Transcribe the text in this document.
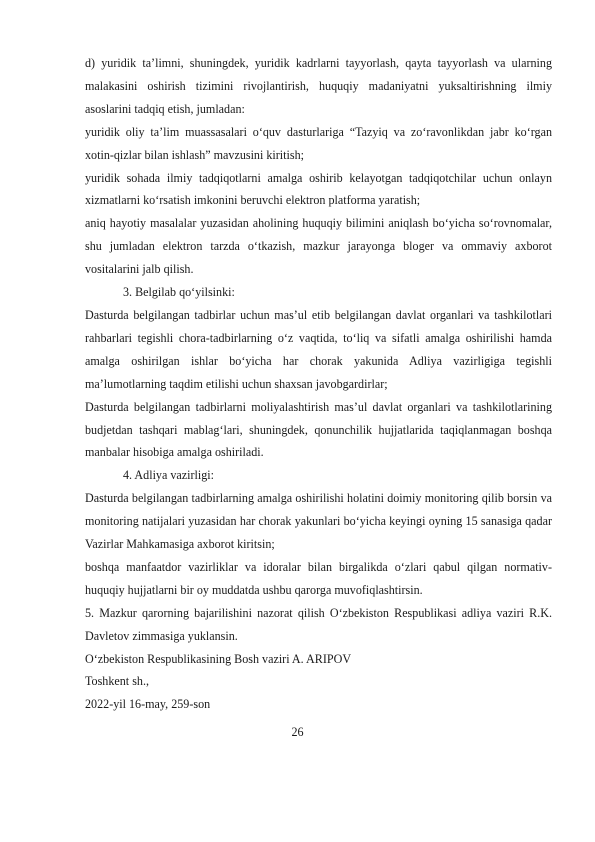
d) yuridik ta’limni, shuningdek, yuridik kadrlarni tayyorlash, qayta tayyorlash va ularning malakasini oshirish tizimini rivojlantirish, huquqiy madaniyatni yuksaltirishning ilmiy asoslarini tadqiq etish, jumladan:

yuridik oliy ta’lim muassasalari o‘quv dasturlariga “Tazyiq va zo‘ravonlikdan jabr ko‘rgan xotin-qizlar bilan ishlash” mavzusini kiritish;

yuridik sohada ilmiy tadqiqotlarni amalga oshirib kelayotgan tadqiqotchilar uchun onlayn xizmatlarni ko‘rsatish imkonini beruvchi elektron platforma yaratish;

aniq hayotiy masalalar yuzasidan aholining huquqiy bilimini aniqlash bo‘yicha so‘rovnomalar, shu jumladan elektron tarzda o‘tkazish, mazkur jarayonga bloger va ommaviy axborot vositalarini jalb qilish.

3. Belgilab qo‘yilsinki:

Dasturda belgilangan tadbirlar uchun mas’ul etib belgilangan davlat organlari va tashkilotlari rahbarlari tegishli chora-tadbirlarning o‘z vaqtida, to‘liq va sifatli amalga oshirilishi hamda amalga oshirilgan ishlar bo‘yicha har chorak yakunida Adliya vazirligiga tegishli ma’lumotlarning taqdim etilishi uchun shaxsan javobgardirlar;

Dasturda belgilangan tadbirlarni moliyalashtirish mas’ul davlat organlari va tashkilotlarining budjetdan tashqari mablag‘lari, shuningdek, qonunchilik hujjatlarida taqiqlanmagan boshqa manbalar hisobiga amalga oshiriladi.

4. Adliya vazirligi:

Dasturda belgilangan tadbirlarning amalga oshirilishi holatini doimiy monitoring qilib borsin va monitoring natijalari yuzasidan har chorak yakunlari bo‘yicha keyingi oyning 15 sanasiga qadar Vazirlar Mahkamasiga axborot kiritsin;

boshqa manfaatdor vazirliklar va idoralar bilan birgalikda o‘zlari qabul qilgan normativ-huquqiy hujjatlarni bir oy muddatda ushbu qarorga muvofiqlashtirsin.

5. Mazkur qarorning bajarilishini nazorat qilish O‘zbekiston Respublikasi adliya vaziri R.K. Davletov zimmasiga yuklansin.

O‘zbekiston Respublikasining Bosh vaziri A. ARIPOV

Toshkent sh.,

2022-yil 16-may, 259-son

26
